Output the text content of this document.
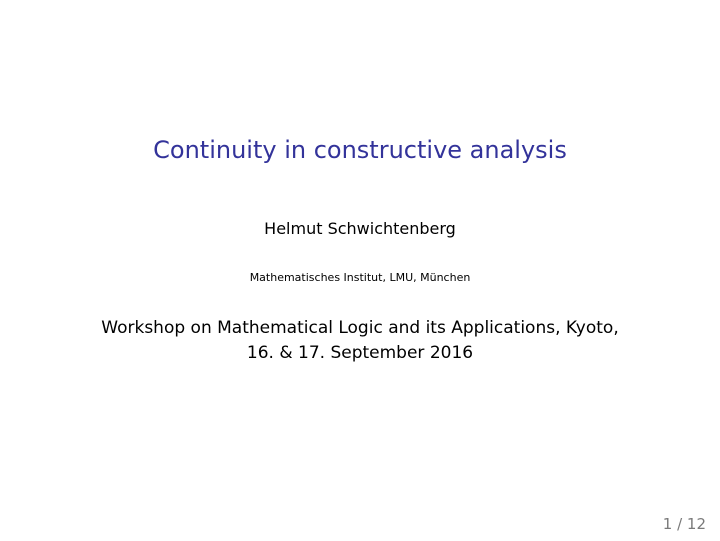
Continuity in constructive analysis
Helmut Schwichtenberg
Mathematisches Institut, LMU, München
Workshop on Mathematical Logic and its Applications, Kyoto,
16. & 17. September 2016
1 / 12
